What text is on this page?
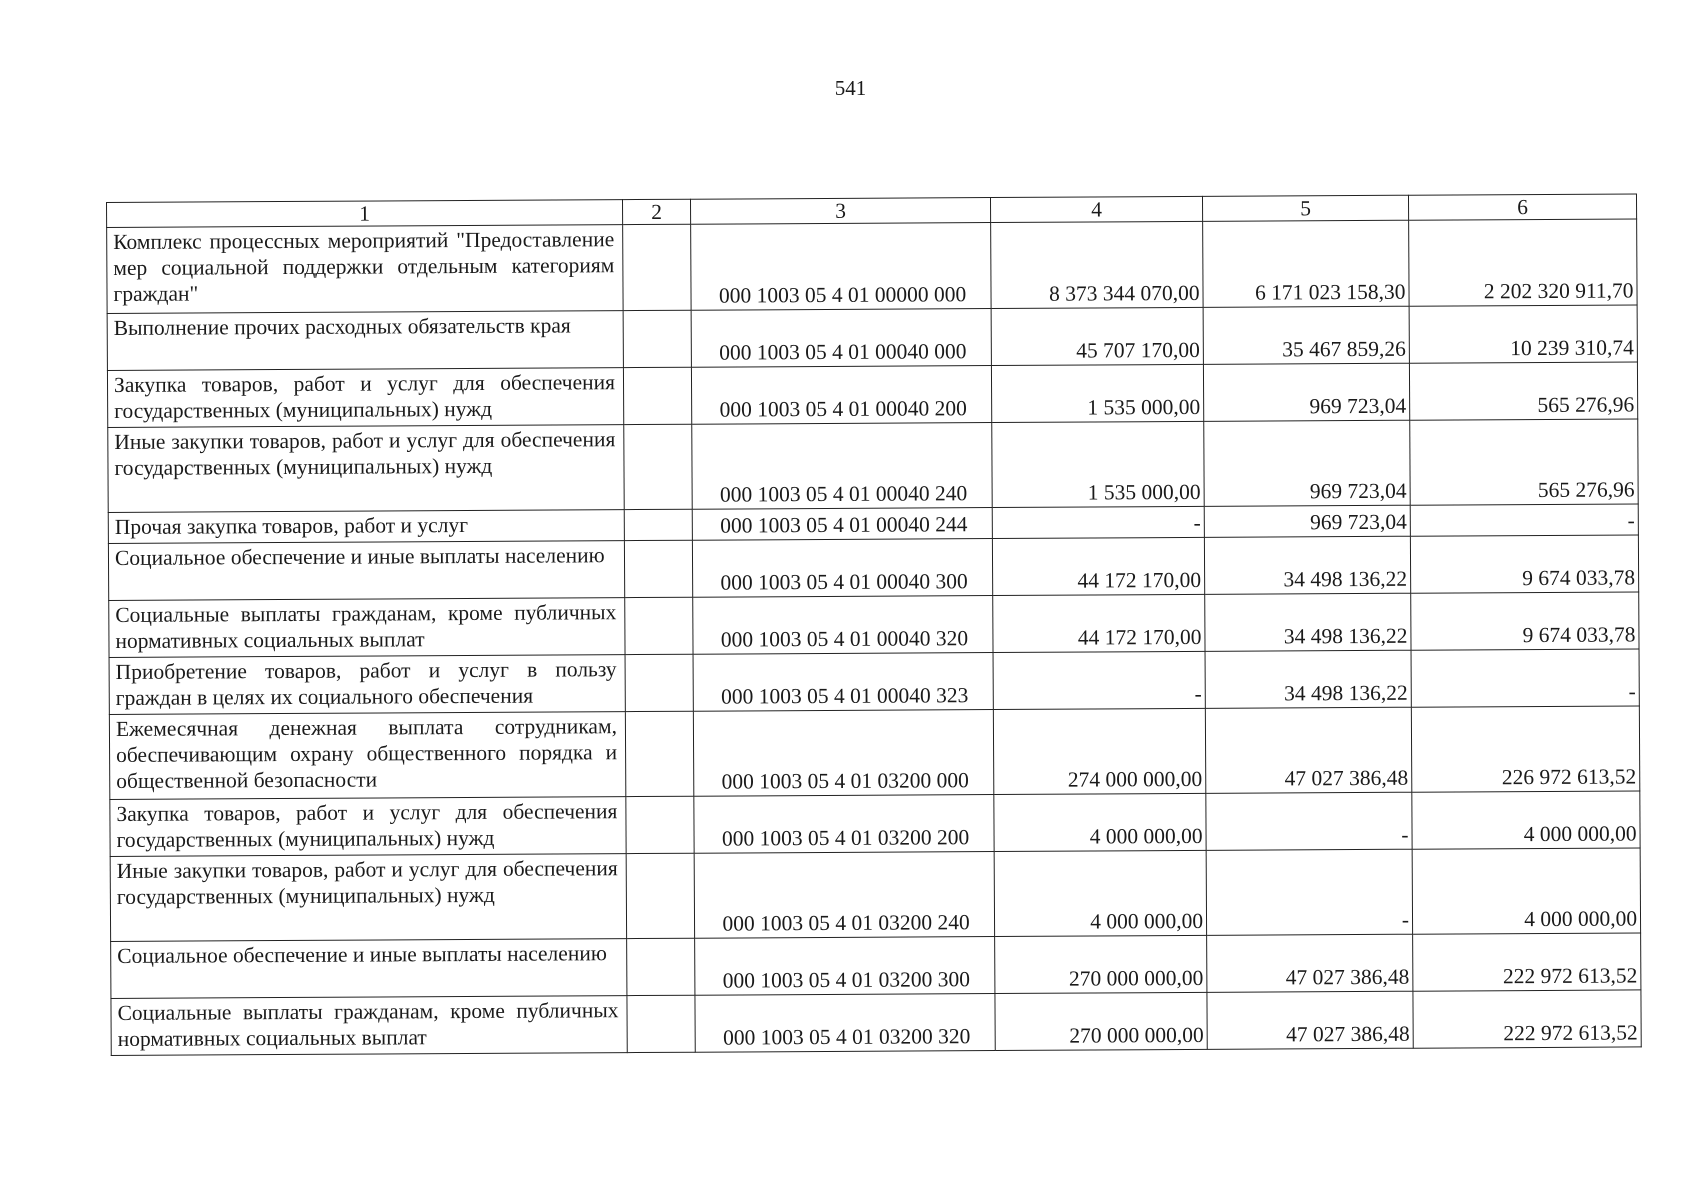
541
1	2	3	4	5	6
Комплекс процессных мероприятий "Предоставление мер социальной поддержки отдельным категориям граждан"		000 1003 05 4 01 00000 000	8 373 344 070,00	6 171 023 158,30	2 202 320 911,70
Выполнение прочих расходных обязательств края		000 1003 05 4 01 00040 000	45 707 170,00	35 467 859,26	10 239 310,74
Закупка товаров, работ и услуг для обеспечения государственных (муниципальных) нужд		000 1003 05 4 01 00040 200	1 535 000,00	969 723,04	565 276,96
Иные закупки товаров, работ и услуг для обеспечения государственных (муниципальных) нужд		000 1003 05 4 01 00040 240	1 535 000,00	969 723,04	565 276,96
Прочая закупка товаров, работ и услуг		000 1003 05 4 01 00040 244	-	969 723,04	-
Социальное обеспечение и иные выплаты населению		000 1003 05 4 01 00040 300	44 172 170,00	34 498 136,22	9 674 033,78
Социальные выплаты гражданам, кроме публичных нормативных социальных выплат		000 1003 05 4 01 00040 320	44 172 170,00	34 498 136,22	9 674 033,78
Приобретение товаров, работ и услуг в пользу граждан в целях их социального обеспечения		000 1003 05 4 01 00040 323	-	34 498 136,22	-
Ежемесячная денежная выплата сотрудникам, обеспечивающим охрану общественного порядка и общественной безопасности		000 1003 05 4 01 03200 000	274 000 000,00	47 027 386,48	226 972 613,52
Закупка товаров, работ и услуг для обеспечения государственных (муниципальных) нужд		000 1003 05 4 01 03200 200	4 000 000,00	-	4 000 000,00
Иные закупки товаров, работ и услуг для обеспечения государственных (муниципальных) нужд		000 1003 05 4 01 03200 240	4 000 000,00	-	4 000 000,00
Социальное обеспечение и иные выплаты населению		000 1003 05 4 01 03200 300	270 000 000,00	47 027 386,48	222 972 613,52
Социальные выплаты гражданам, кроме публичных нормативных социальных выплат		000 1003 05 4 01 03200 320	270 000 000,00	47 027 386,48	222 972 613,52
